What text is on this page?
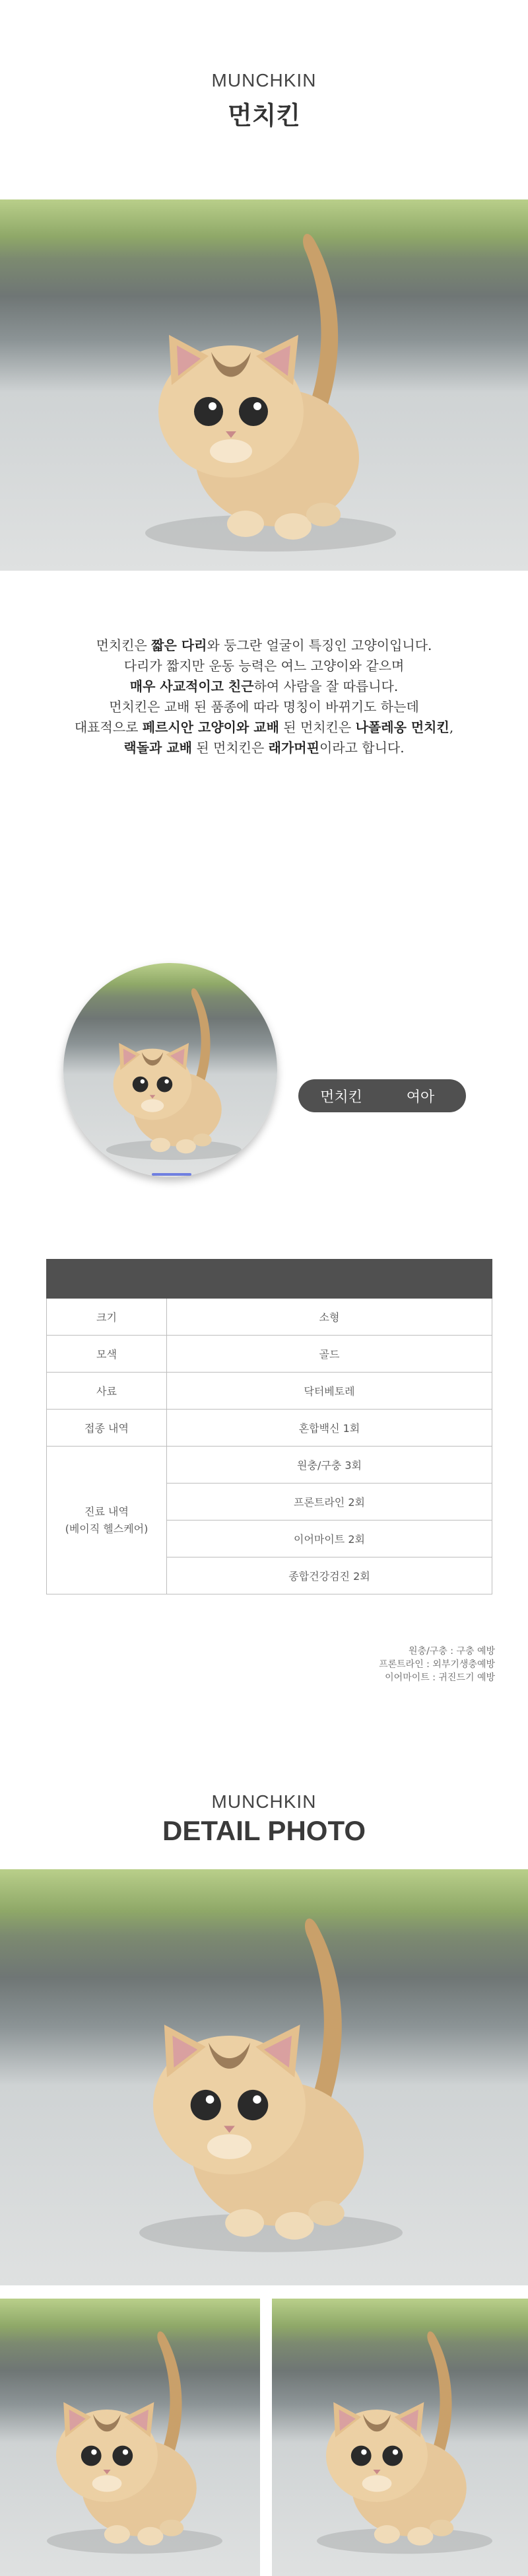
MUNCHKIN
먼치킨
먼치킨은 짧은 다리와 둥그란 얼굴이 특징인 고양이입니다.
다리가 짧지만 운동 능력은 여느 고양이와 같으며
매우 사교적이고 친근하여 사람을 잘 따릅니다.
먼치킨은 교배 된 품종에 따라 명칭이 바뀌기도 하는데
대표적으로 페르시안 고양이와 교배 된 먼치킨은 나폴레옹 먼치킨,
랙돌과 교배 된 먼치킨은 래가머핀이라고 합니다.
먼치킨	여아

크기	소형
모색	골드
사료	닥터베토레
접종 내역	혼합백신 1회

진료 내역
(베이직 헬스케어)	원충/구충 3회
	프론트라인 2회
	이어마이트 2회
	종합건강검진 2회
원충/구충 : 구충 예방
프론트라인 : 외부기생충예방
이어마이트 : 귀진드기 예방
MUNCHKIN
DETAIL PHOTO
